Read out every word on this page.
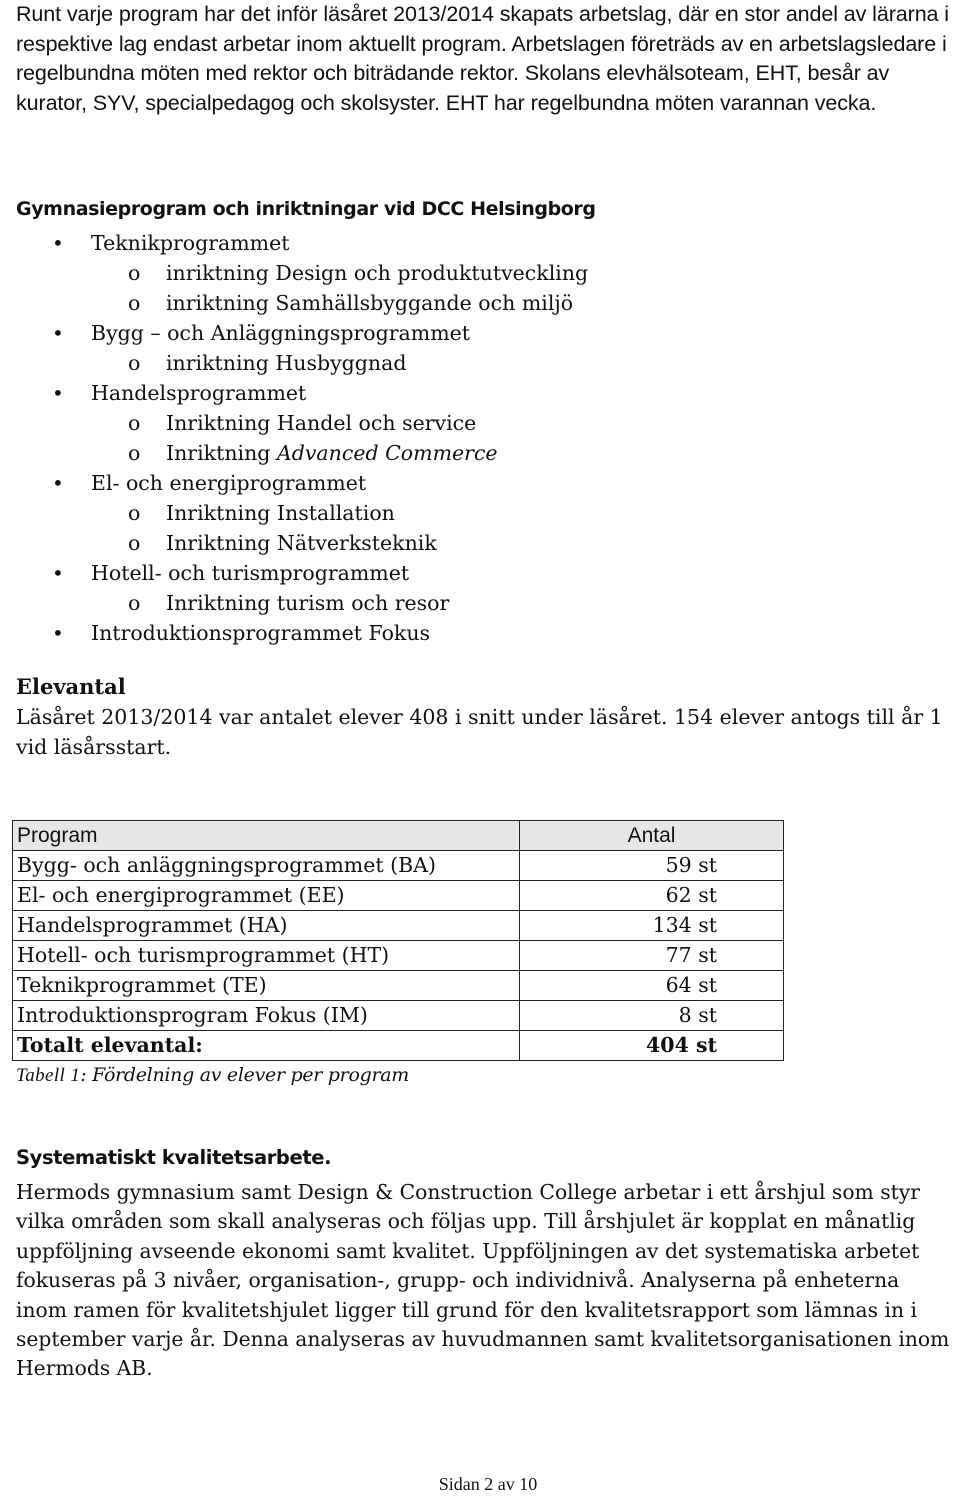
Runt varje program har det inför läsåret 2013/2014 skapats arbetslag, där en stor andel av lärarna i respektive lag endast arbetar inom aktuellt program. Arbetslagen företräds av en arbetslagsledare i regelbundna möten med rektor och biträdande rektor. Skolans elevhälsoteam, EHT, besår av kurator, SYV, specialpedagog och skolsyster. EHT har regelbundna möten varannan vecka.

Gymnasieprogram och inriktningar vid DCC Helsingborg

• Teknikprogrammet
o inriktning Design och produktutveckling
o inriktning Samhällsbyggande och miljö
• Bygg – och Anläggningsprogrammet
o inriktning Husbyggnad
• Handelsprogrammet
o Inriktning Handel och service
o Inriktning Advanced Commerce
• El- och energiprogrammet
o Inriktning Installation
o Inriktning Nätverksteknik
• Hotell- och turismprogrammet
o Inriktning turism och resor
• Introduktionsprogrammet Fokus

Elevantal

Läsåret 2013/2014 var antalet elever 408 i snitt under läsåret. 154 elever antogs till år 1 vid läsårsstart.

Program	Antal
Bygg- och anläggningsprogrammet (BA)	59 st
El- och energiprogrammet (EE)	62 st
Handelsprogrammet (HA)	134 st
Hotell- och turismprogrammet (HT)	77 st
Teknikprogrammet (TE)	64 st
Introduktionsprogram Fokus (IM)	8 st
Totalt elevantal:	404 st

Tabell 1: Fördelning av elever per program

Systematiskt kvalitetsarbete.

Hermods gymnasium samt Design & Construction College arbetar i ett årshjul som styr vilka områden som skall analyseras och följas upp. Till årshjulet är kopplat en månatlig uppföljning avseende ekonomi samt kvalitet. Uppföljningen av det systematiska arbetet fokuseras på 3 nivåer, organisation-, grupp- och individnivå. Analyserna på enheterna inom ramen för kvalitetshjulet ligger till grund för den kvalitetsrapport som lämnas in i september varje år. Denna analyseras av huvudmannen samt kvalitetsorganisationen inom Hermods AB.

Sidan 2 av 10
